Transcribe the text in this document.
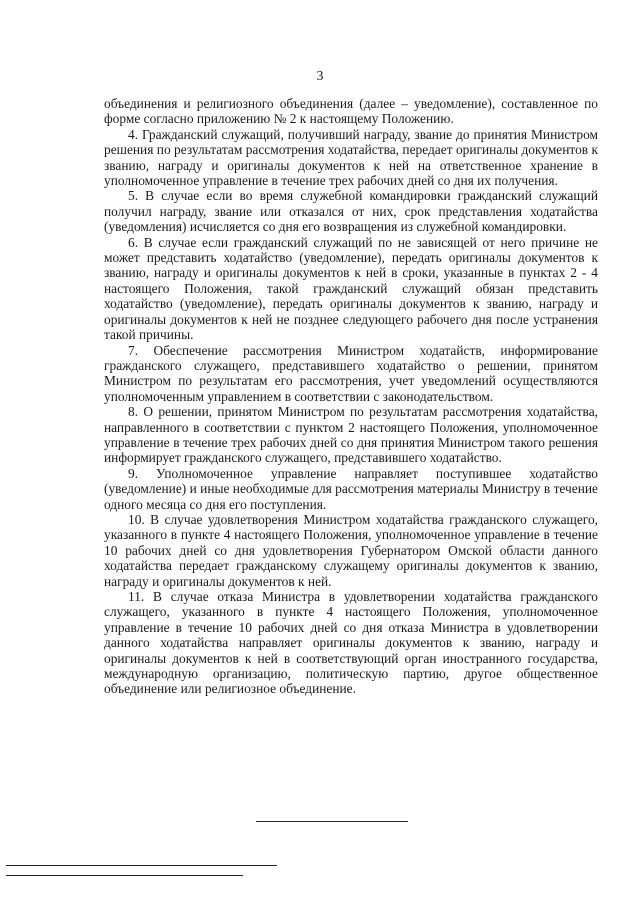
3

объединения и религиозного объединения (далее – уведомление), составленное по форме согласно приложению № 2 к настоящему Положению.

4. Гражданский служащий, получивший награду, звание до принятия Министром решения по результатам рассмотрения ходатайства, передает оригиналы документов к званию, награду и оригиналы документов к ней на ответственное хранение в уполномоченное управление в течение трех рабочих дней со дня их получения.

5. В случае если во время служебной командировки гражданский служащий получил награду, звание или отказался от них, срок представления ходатайства (уведомления) исчисляется со дня его возвращения из служебной командировки.

6. В случае если гражданский служащий по не зависящей от него причине не может представить ходатайство (уведомление), передать оригиналы документов к званию, награду и оригиналы документов к ней в сроки, указанные в пунктах 2 - 4 настоящего Положения, такой гражданский служащий обязан представить ходатайство (уведомление), передать оригиналы документов к званию, награду и оригиналы документов к ней не позднее следующего рабочего дня после устранения такой причины.

7. Обеспечение рассмотрения Министром ходатайств, информирование гражданского служащего, представившего ходатайство о решении, принятом Министром по результатам его рассмотрения, учет уведомлений осуществляются уполномоченным управлением в соответствии с законодательством.

8. О решении, принятом Министром по результатам рассмотрения ходатайства, направленного в соответствии с пунктом 2 настоящего Положения, уполномоченное управление в течение трех рабочих дней со дня принятия Министром такого решения информирует гражданского служащего, представившего ходатайство.

9. Уполномоченное управление направляет поступившее ходатайство (уведомление) и иные необходимые для рассмотрения материалы Министру в течение одного месяца со дня его поступления.

10. В случае удовлетворения Министром ходатайства гражданского служащего, указанного в пункте 4 настоящего Положения, уполномоченное управление в течение 10 рабочих дней со дня удовлетворения Губернатором Омской области данного ходатайства передает гражданскому служащему оригиналы документов к званию, награду и оригиналы документов к ней.

11. В случае отказа Министра в удовлетворении ходатайства гражданского служащего, указанного в пункте 4 настоящего Положения, уполномоченное управление в течение 10 рабочих дней со дня отказа Министра в удовлетворении данного ходатайства направляет оригиналы документов к званию, награду и оригиналы документов к ней в соответствующий орган иностранного государства, международную организацию, политическую партию, другое общественное объединение или религиозное объединение.
